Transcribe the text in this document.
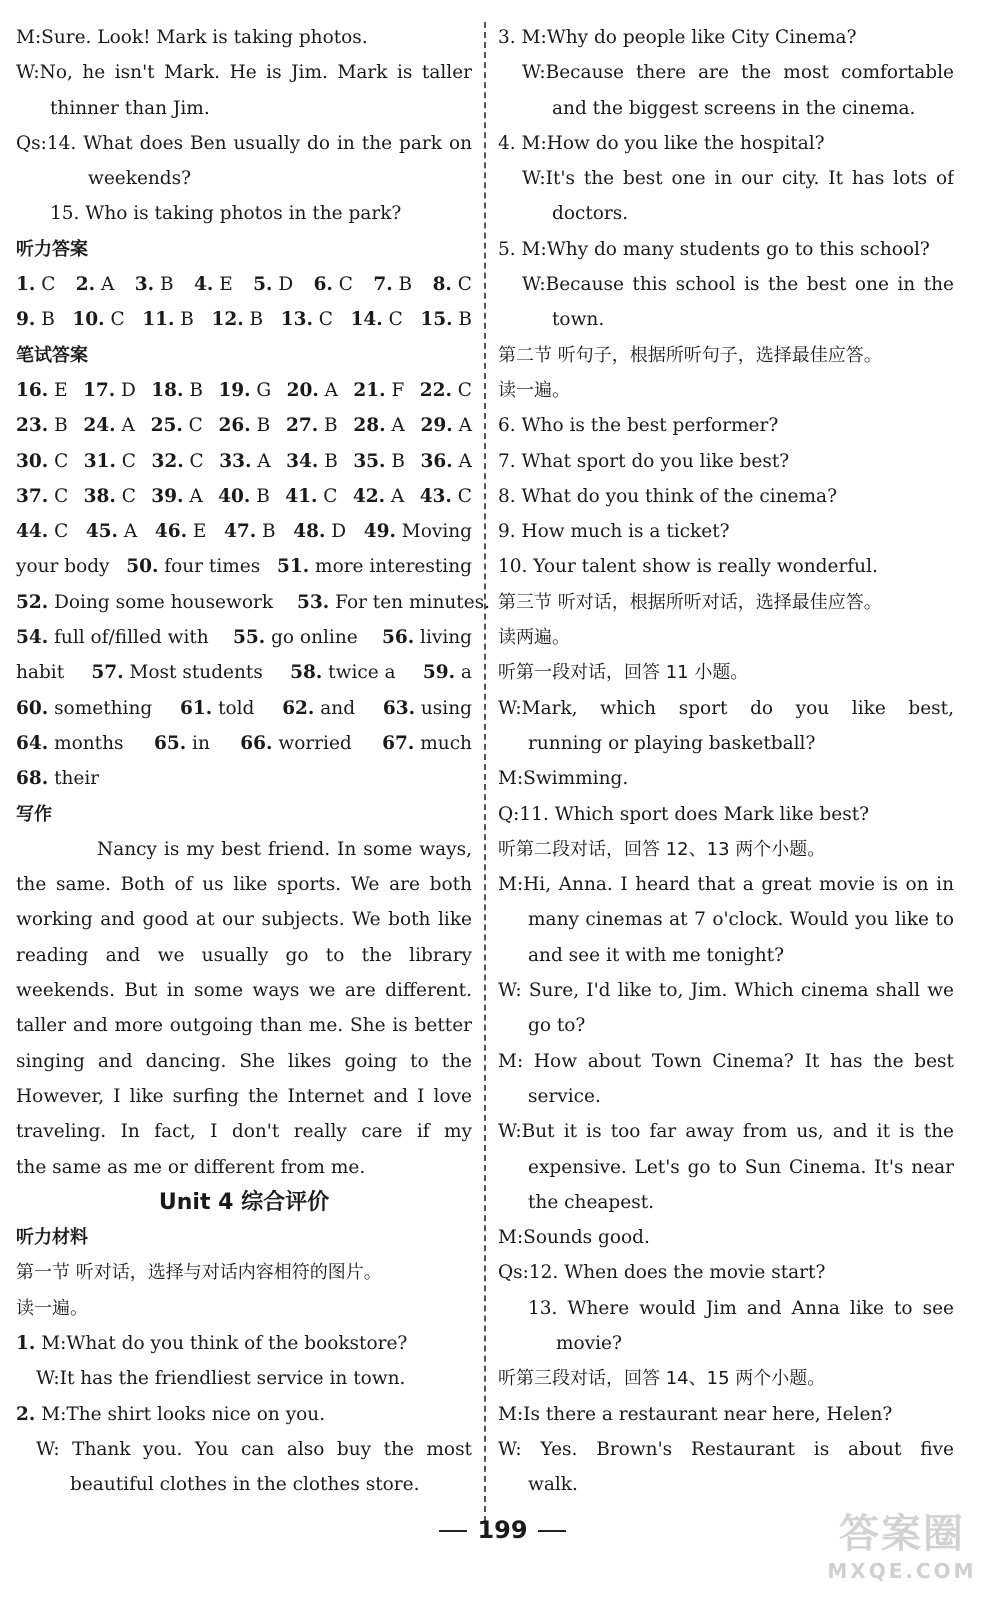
M:Sure. Look! Mark is taking photos.
W:No, he isn't Mark. He is Jim. Mark is taller
thinner than Jim.
Qs:14. What does Ben usually do in the park on
weekends?
15. Who is taking photos in the park?
听力答案
1. C 2. A 3. B 4. E 5. D 6. C 7. B 8. C
9. B 10. C 11. B 12. B 13. C 14. C 15. B
笔试答案
16. E 17. D 18. B 19. G 20. A 21. F 22. C
23. B 24. A 25. C 26. B 27. B 28. A 29. A
30. C 31. C 32. C 33. A 34. B 35. B 36. A
37. C 38. C 39. A 40. B 41. C 42. A 43. C
44. C 45. A 46. E 47. B 48. D 49. Moving
your body 50. four times 51. more interesting
52. Doing some housework 53. For ten minutes.
54. full of/filled with 55. go online 56. living
habit 57. Most students 58. twice a 59. a
60. something 61. told 62. and 63. using
64. months 65. in 66. worried 67. much
68. their
写作
Nancy is my best friend. In some ways,
the same. Both of us like sports. We are both
working and good at our subjects. We both like
reading and we usually go to the library
weekends. But in some ways we are different.
taller and more outgoing than me. She is better
singing and dancing. She likes going to the
However, I like surfing the Internet and I love
traveling. In fact, I don't really care if my
the same as me or different from me.
Unit 4 综合评价
听力材料
第一节 听对话，选择与对话内容相符的图片。
读一遍。
1. M:What do you think of the bookstore?
W:It has the friendliest service in town.
2. M:The shirt looks nice on you.
W: Thank you. You can also buy the most
beautiful clothes in the clothes store.
3. M:Why do people like City Cinema?
W:Because there are the most comfortable
and the biggest screens in the cinema.
4. M:How do you like the hospital?
W:It's the best one in our city. It has lots of
doctors.
5. M:Why do many students go to this school?
W:Because this school is the best one in the
town.
第二节 听句子，根据所听句子，选择最佳应答。
读一遍。
6. Who is the best performer?
7. What sport do you like best?
8. What do you think of the cinema?
9. How much is a ticket?
10. Your talent show is really wonderful.
第三节 听对话，根据所听对话，选择最佳应答。
读两遍。
听第一段对话，回答 11 小题。
W:Mark, which sport do you like best,
running or playing basketball?
M:Swimming.
Q:11. Which sport does Mark like best?
听第二段对话，回答 12、13 两个小题。
M:Hi, Anna. I heard that a great movie is on in
many cinemas at 7 o'clock. Would you like to
and see it with me tonight?
W: Sure, I'd like to, Jim. Which cinema shall we
go to?
M: How about Town Cinema? It has the best
service.
W:But it is too far away from us, and it is the
expensive. Let's go to Sun Cinema. It's near
the cheapest.
M:Sounds good.
Qs:12. When does the movie start?
13. Where would Jim and Anna like to see
movie?
听第三段对话，回答 14、15 两个小题。
M:Is there a restaurant near here, Helen?
W: Yes. Brown's Restaurant is about five
walk.
199	答案圈
MXQE.COM
